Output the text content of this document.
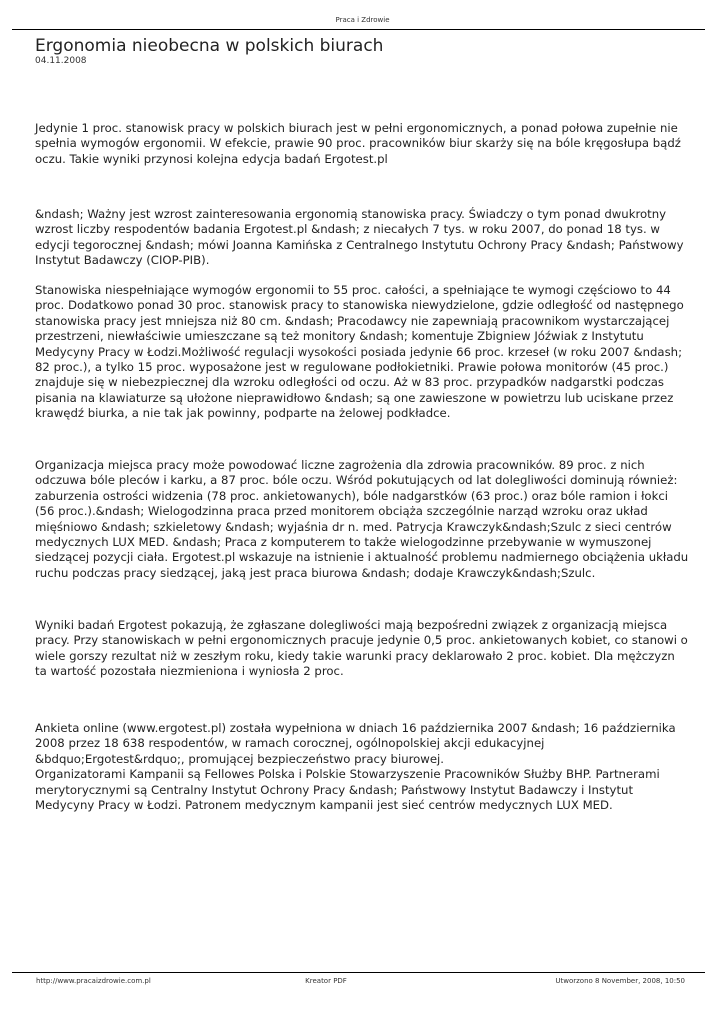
Praca i Zdrowie
Ergonomia nieobecna w polskich biurach
04.11.2008

Jedynie 1 proc. stanowisk pracy w polskich biurach jest w pełni ergonomicznych, a ponad połowa zupełnie nie spełnia wymogów ergonomii. W efekcie, prawie 90 proc. pracowników biur skarży się na bóle kręgosłupa bądź oczu. Takie wyniki przynosi kolejna edycja badań Ergotest.pl

&ndash; Ważny jest wzrost zainteresowania ergonomią stanowiska pracy. Świadczy o tym ponad dwukrotny wzrost liczby respodentów badania Ergotest.pl &ndash; z niecałych 7 tys. w roku 2007, do ponad 18 tys. w edycji tegorocznej &ndash; mówi Joanna Kamińska z Centralnego Instytutu Ochrony Pracy &ndash; Państwowy Instytut Badawczy (CIOP-PIB).

Stanowiska niespełniające wymogów ergonomii to 55 proc. całości, a spełniające te wymogi częściowo to 44 proc. Dodatkowo ponad 30 proc. stanowisk pracy to stanowiska niewydzielone, gdzie odległość od następnego stanowiska pracy jest mniejsza niż 80 cm. &ndash; Pracodawcy nie zapewniają pracownikom wystarczającej przestrzeni, niewłaściwie umieszczane są też monitory &ndash; komentuje Zbigniew Jóźwiak z Instytutu Medycyny Pracy w Łodzi.Możliwość regulacji wysokości posiada jedynie 66 proc. krzeseł (w roku 2007 &ndash; 82 proc.), a tylko 15 proc. wyposażone jest w regulowane podłokietniki. Prawie połowa monitorów (45 proc.) znajduje się w niebezpiecznej dla wzroku odległości od oczu. Aż w 83 proc. przypadków nadgarstki podczas pisania na klawiaturze są ułożone nieprawidłowo &ndash; są one zawieszone w powietrzu lub uciskane przez krawędź biurka, a nie tak jak powinny, podparte na żelowej podkładce.

Organizacja miejsca pracy może powodować liczne zagrożenia dla zdrowia pracowników. 89 proc. z nich odczuwa bóle pleców i karku, a 87 proc. bóle oczu. Wśród pokutujących od lat dolegliwości dominują również: zaburzenia ostrości widzenia (78 proc. ankietowanych), bóle nadgarstków (63 proc.) oraz bóle ramion i łokci (56 proc.).&ndash; Wielogodzinna praca przed monitorem obciąża szczególnie narząd wzroku oraz układ mięśniowo &ndash; szkieletowy &ndash; wyjaśnia dr n. med. Patrycja Krawczyk&ndash;Szulc z sieci centrów medycznych LUX MED. &ndash; Praca z komputerem to także wielogodzinne przebywanie w wymuszonej siedzącej pozycji ciała. Ergotest.pl wskazuje na istnienie i aktualność problemu nadmiernego obciążenia układu ruchu podczas pracy siedzącej, jaką jest praca biurowa &ndash; dodaje Krawczyk&ndash;Szulc.

Wyniki badań Ergotest pokazują, że zgłaszane dolegliwości mają bezpośredni związek z organizacją miejsca pracy. Przy stanowiskach w pełni ergonomicznych pracuje jedynie 0,5 proc. ankietowanych kobiet, co stanowi o wiele gorszy rezultat niż w zeszłym roku, kiedy takie warunki pracy deklarowało 2 proc. kobiet. Dla mężczyzn ta wartość pozostała niezmieniona i wyniosła 2 proc.

Ankieta online (www.ergotest.pl) została wypełniona w dniach 16 października 2007 &ndash; 16 października 2008 przez 18 638 respodentów, w ramach corocznej, ogólnopolskiej akcji edukacyjnej &bdquo;Ergotest&rdquo;, promującej bezpieczeństwo pracy biurowej.
Organizatorami Kampanii są Fellowes Polska i Polskie Stowarzyszenie Pracowników Służby BHP. Partnerami merytorycznymi są Centralny Instytut Ochrony Pracy &ndash; Państwowy Instytut Badawczy i Instytut Medycyny Pracy w Łodzi. Patronem medycznym kampanii jest sieć centrów medycznych LUX MED.

http://www.pracaizdrowie.com.pl	Kreator PDF	Utworzono 8 November, 2008, 10:50
